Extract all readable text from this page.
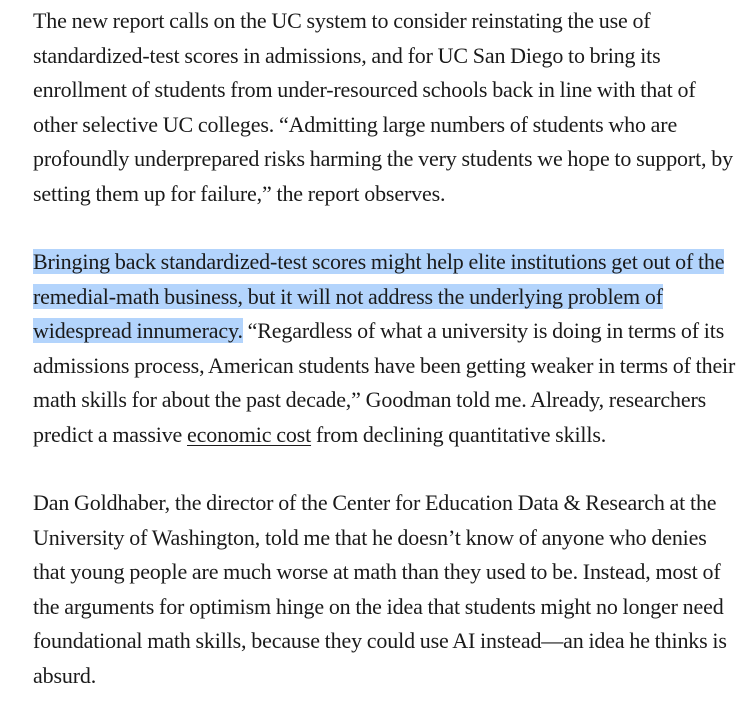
The new report calls on the UC system to consider reinstating the use of standardized-test scores in admissions, and for UC San Diego to bring its enrollment of students from under-resourced schools back in line with that of other selective UC colleges. “Admitting large numbers of students who are profoundly underprepared risks harming the very students we hope to support, by setting them up for failure,” the report observes.

Bringing back standardized-test scores might help elite institutions get out of the remedial-math business, but it will not address the underlying problem of widespread innumeracy. “Regardless of what a university is doing in terms of its admissions process, American students have been getting weaker in terms of their math skills for about the past decade,” Goodman told me. Already, researchers predict a massive economic cost from declining quantitative skills.

Dan Goldhaber, the director of the Center for Education Data & Research at the University of Washington, told me that he doesn’t know of anyone who denies that young people are much worse at math than they used to be. Instead, most of the arguments for optimism hinge on the idea that students might no longer need foundational math skills, because they could use AI instead—an idea he thinks is absurd.
